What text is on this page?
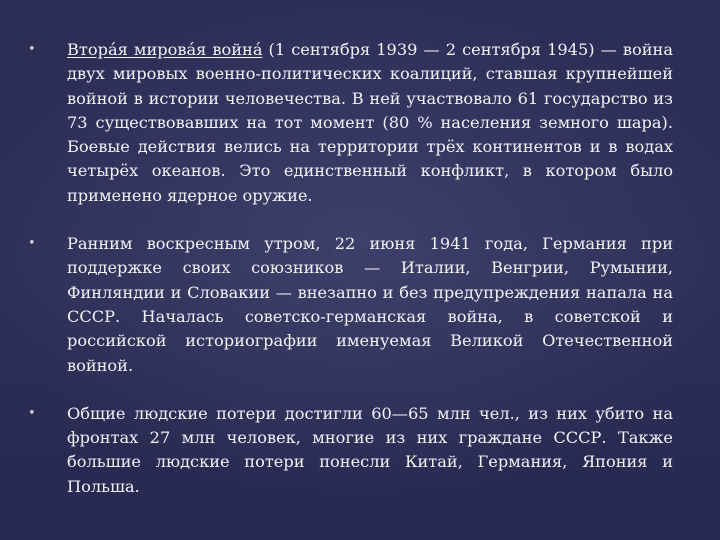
• Втора́я мирова́я война́ (1 сентября 1939 — 2 сентября 1945) — война двух мировых военно-политических коалиций, ставшая крупнейшей войной в истории человечества. В ней участвовало 61 государство из 73 существовавших на тот момент (80 % населения земного шара). Боевые действия велись на территории трёх континентов и в водах четырёх океанов. Это единственный конфликт, в котором было применено ядерное оружие.
• Ранним воскресным утром, 22 июня 1941 года, Германия при поддержке своих союзников — Италии, Венгрии, Румынии, Финляндии и Словакии — внезапно и без предупреждения напала на СССР. Началась советско-германская война, в советской и российской историографии именуемая Великой Отечественной войной.
• Общие людские потери достигли 60—65 млн чел., из них убито на фронтах 27 млн человек, многие из них граждане СССР. Также большие людские потери понесли Китай, Германия, Япония и Польша.
